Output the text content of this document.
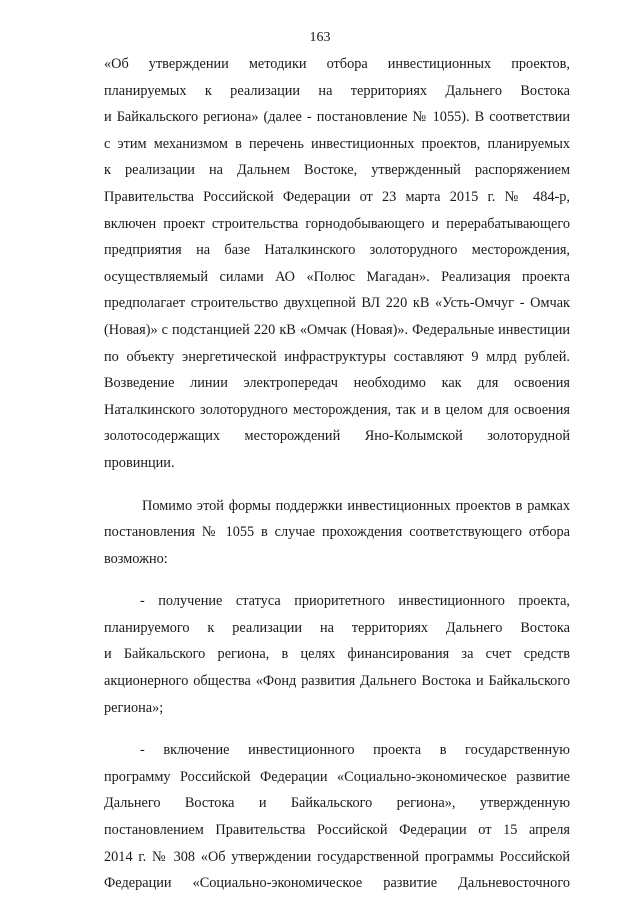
163
«Об утверждении методики отбора инвестиционных проектов,
планируемых к реализации на территориях Дальнего Востока
и Байкальского региона» (далее - постановление № 1055). В соответствии
с этим механизмом в перечень инвестиционных проектов, планируемых
к реализации на Дальнем Востоке, утвержденный распоряжением
Правительства Российской Федерации от 23 марта 2015 г. № 484-р,
включен проект строительства горнодобывающего и перерабатывающего
предприятия на базе Наталкинского золоторудного месторождения,
осуществляемый силами АО «Полюс Магадан». Реализация проекта
предполагает строительство двухцепной ВЛ 220 кВ «Усть-Омчуг - Омчак
(Новая)» с подстанцией 220 кВ «Омчак (Новая)». Федеральные инвестиции
по объекту энергетической инфраструктуры составляют 9 млрд рублей.
Возведение линии электропередач необходимо как для освоения
Наталкинского золоторудного месторождения, так и в целом для освоения
золотосодержащих месторождений Яно-Колымской золоторудной
провинции.
Помимо этой формы поддержки инвестиционных проектов в рамках
постановления № 1055 в случае прохождения соответствующего отбора
возможно:
- получение статуса приоритетного инвестиционного проекта,
планируемого к реализации на территориях Дальнего Востока
и Байкальского региона, в целях финансирования за счет средств
акционерного общества «Фонд развития Дальнего Востока и Байкальского
региона»;
- включение инвестиционного проекта в государственную
программу Российской Федерации «Социально-экономическое развитие
Дальнего Востока и Байкальского региона», утвержденную
постановлением Правительства Российской Федерации от 15 апреля
2014 г. № 308 «Об утверждении государственной программы Российской
Федерации «Социально-экономическое развитие Дальневосточного
